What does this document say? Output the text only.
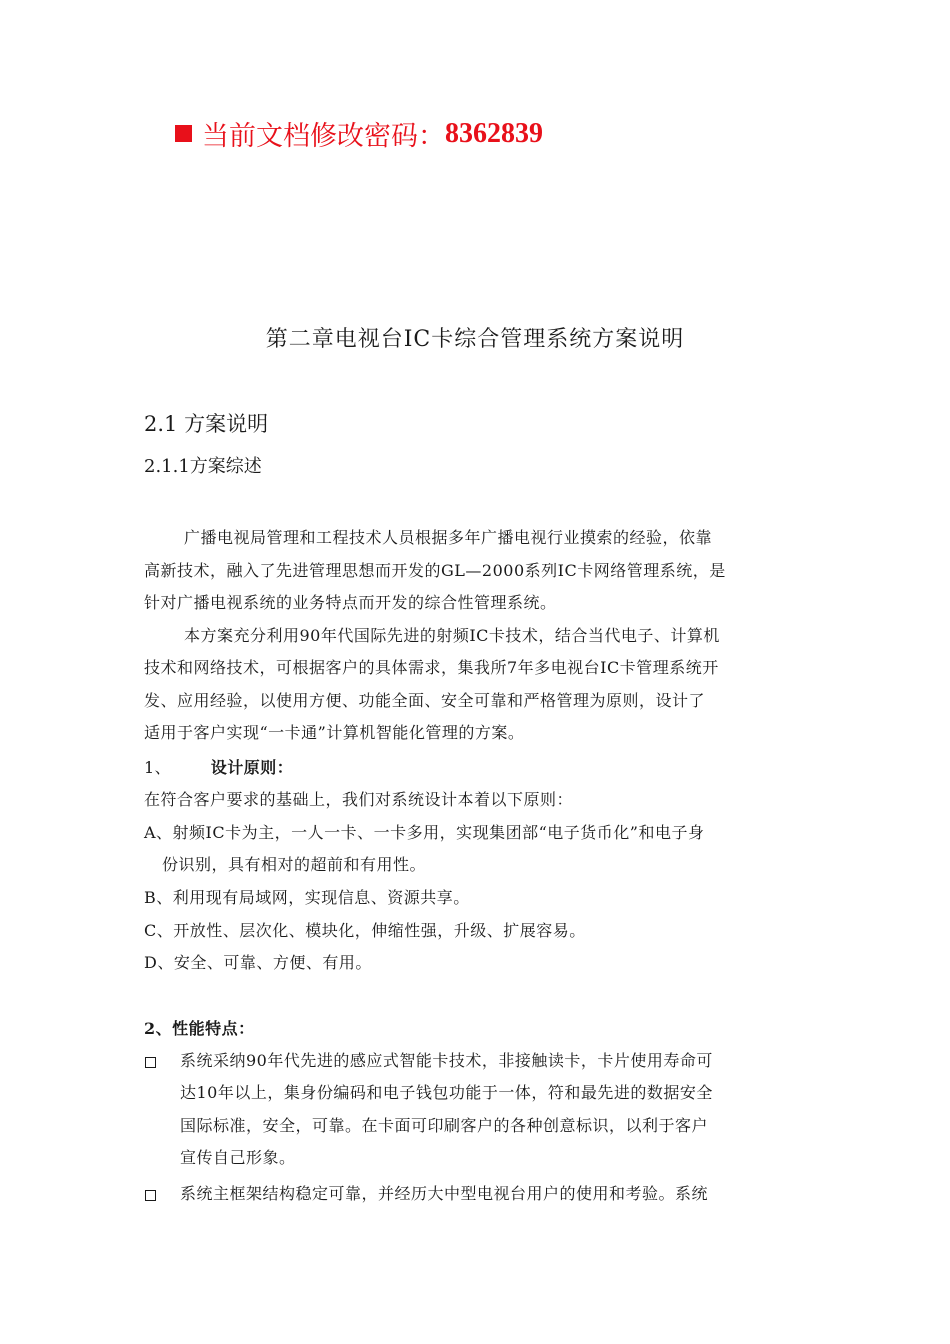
当前文档修改密码： 8362839
第二章电视台IC卡综合管理系统方案说明
2.1 方案说明
2.1.1方案综述
广播电视局管理和工程技术人员根据多年广播电视行业摸索的经验，依靠
高新技术，融入了先进管理思想而开发的GL—2000系列IC卡网络管理系统，是
针对广播电视系统的业务特点而开发的综合性管理系统。
本方案充分利用90年代国际先进的射频IC卡技术，结合当代电子、计算机
技术和网络技术，可根据客户的具体需求，集我所7年多电视台IC卡管理系统开
发、应用经验，以使用方便、功能全面、安全可靠和严格管理为原则，设计了
适用于客户实现“一卡通”计算机智能化管理的方案。
1、 设计原则：
在符合客户要求的基础上，我们对系统设计本着以下原则：
A、射频IC卡为主，一人一卡、一卡多用，实现集团部“电子货币化”和电子身
份识别，具有相对的超前和有用性。
B、利用现有局域网，实现信息、资源共享。
C、开放性、层次化、模块化，伸缩性强，升级、扩展容易。
D、安全、可靠、方便、有用。
2、性能特点：
系统采纳90年代先进的感应式智能卡技术，非接触读卡，卡片使用寿命可
达10年以上，集身份编码和电子钱包功能于一体，符和最先进的数据安全
国际标准，安全，可靠。在卡面可印刷客户的各种创意标识，以利于客户
宣传自己形象。
系统主框架结构稳定可靠，并经历大中型电视台用户的使用和考验。系统
